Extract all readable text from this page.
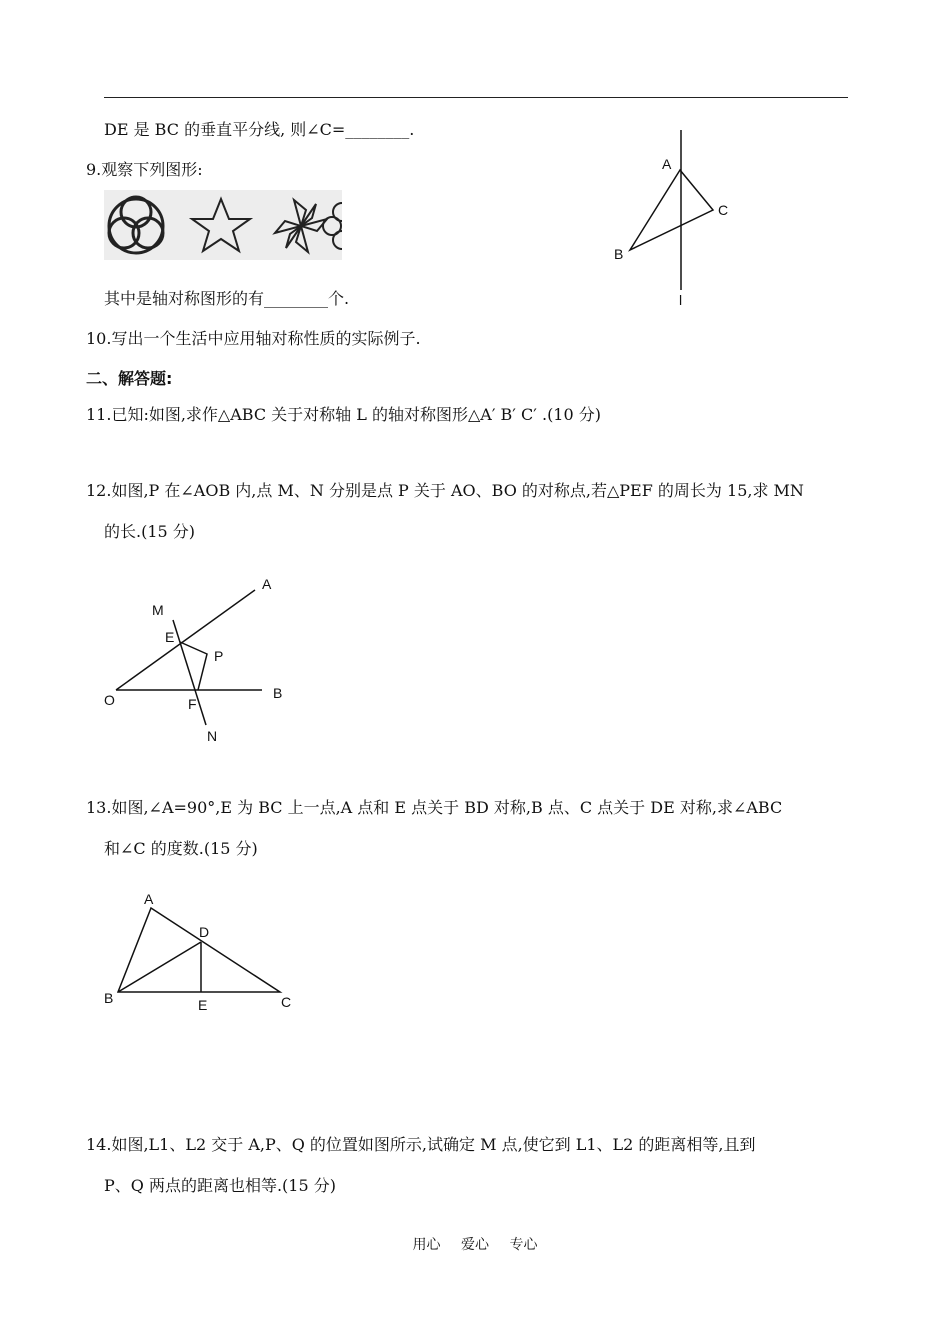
DE 是 BC 的垂直平分线, 则∠C=________.
9.观察下列图形:
其中是轴对称图形的有________个.
10.写出一个生活中应用轴对称性质的实际例子.
二、解答题:
11.已知:如图,求作△ABC 关于对称轴 L 的轴对称图形△A′ B′ C′ .(10 分)
12.如图,P 在∠AOB 内,点 M、N 分别是点 P 关于 AO、BO 的对称点,若△PEF 的周长为 15,求 MN
的长.(15 分)
13.如图,∠A=90°,E 为 BC 上一点,A 点和 E 点关于 BD 对称,B 点、C 点关于 DE 对称,求∠ABC
和∠C 的度数.(15 分)
14.如图,L1、L2 交于 A,P、Q 的位置如图所示,试确定 M 点,使它到 L1、L2 的距离相等,且到
P、Q 两点的距离也相等.(15 分)
A
C
B
l
A
M
E
P
O	B
F
N
A
D
B	E	C
用心 爱心 专心
